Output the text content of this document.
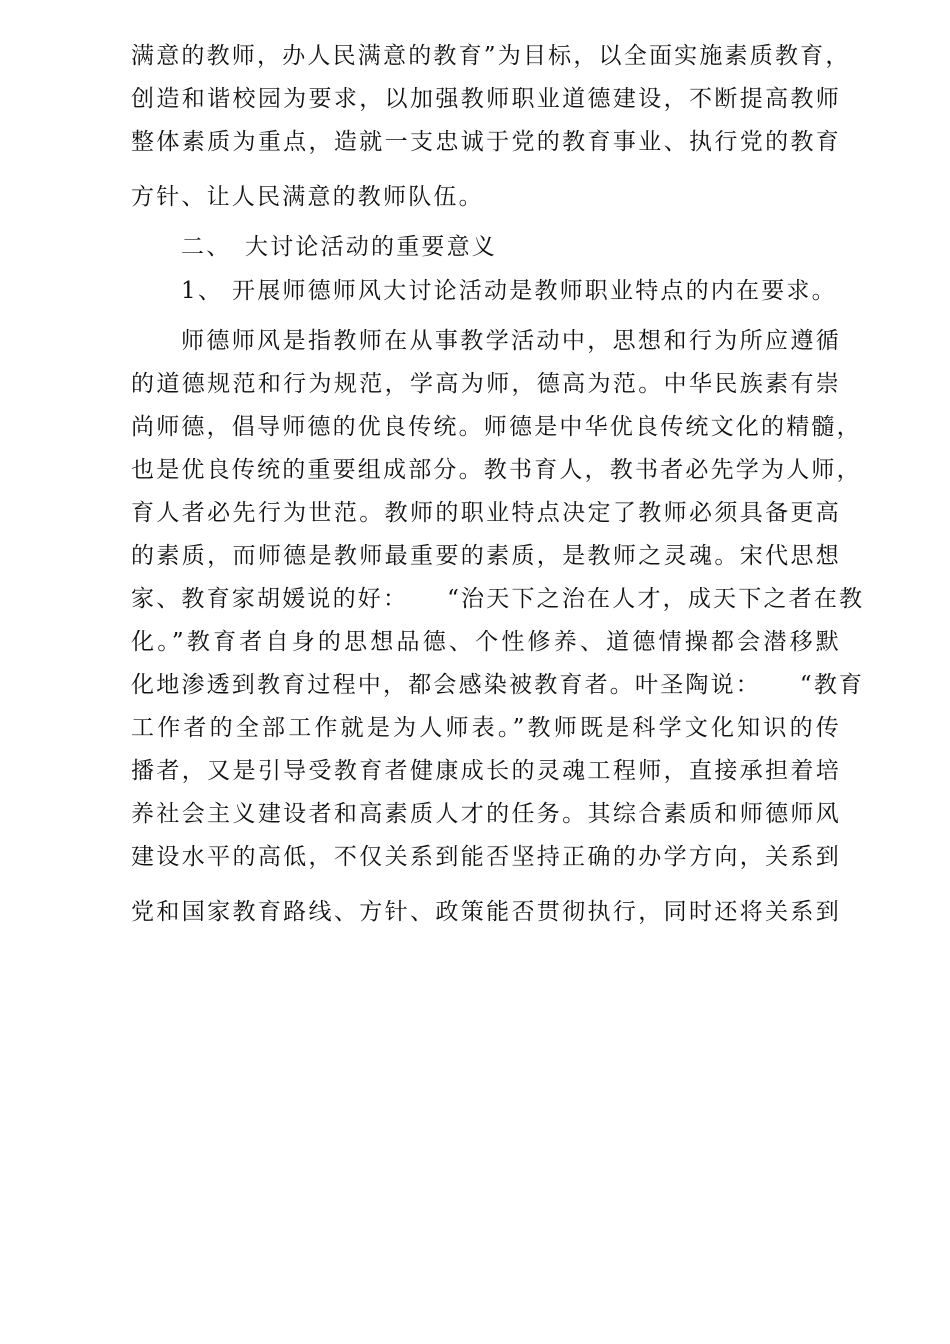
满意的教师，办人民满意的教育”为目标，以全面实施素质教育，
创造和谐校园为要求，以加强教师职业道德建设，不断提高教师
整体素质为重点，造就一支忠诚于党的教育事业、执行党的教育
方针、让人民满意的教师队伍。
二、 大讨论活动的重要意义
1、 开展师德师风大讨论活动是教师职业特点的内在要求。
师德师风是指教师在从事教学活动中，思想和行为所应遵循
的道德规范和行为规范，学高为师，德高为范。中华民族素有崇
尚师德，倡导师德的优良传统。师德是中华优良传统文化的精髓，
也是优良传统的重要组成部分。教书育人，教书者必先学为人师，
育人者必先行为世范。教师的职业特点决定了教师必须具备更高
的素质，而师德是教师最重要的素质，是教师之灵魂。宋代思想
家、教育家胡媛说的好：　　“治天下之治在人才，成天下之者在教
化。”教育者自身的思想品德、个性修养、道德情操都会潜移默
化地渗透到教育过程中，都会感染被教育者。叶圣陶说：　　“教育
工作者的全部工作就是为人师表。”教师既是科学文化知识的传
播者，又是引导受教育者健康成长的灵魂工程师，直接承担着培
养社会主义建设者和高素质人才的任务。其综合素质和师德师风
建设水平的高低，不仅关系到能否坚持正确的办学方向，关系到
党和国家教育路线、方针、政策能否贯彻执行，同时还将关系到
